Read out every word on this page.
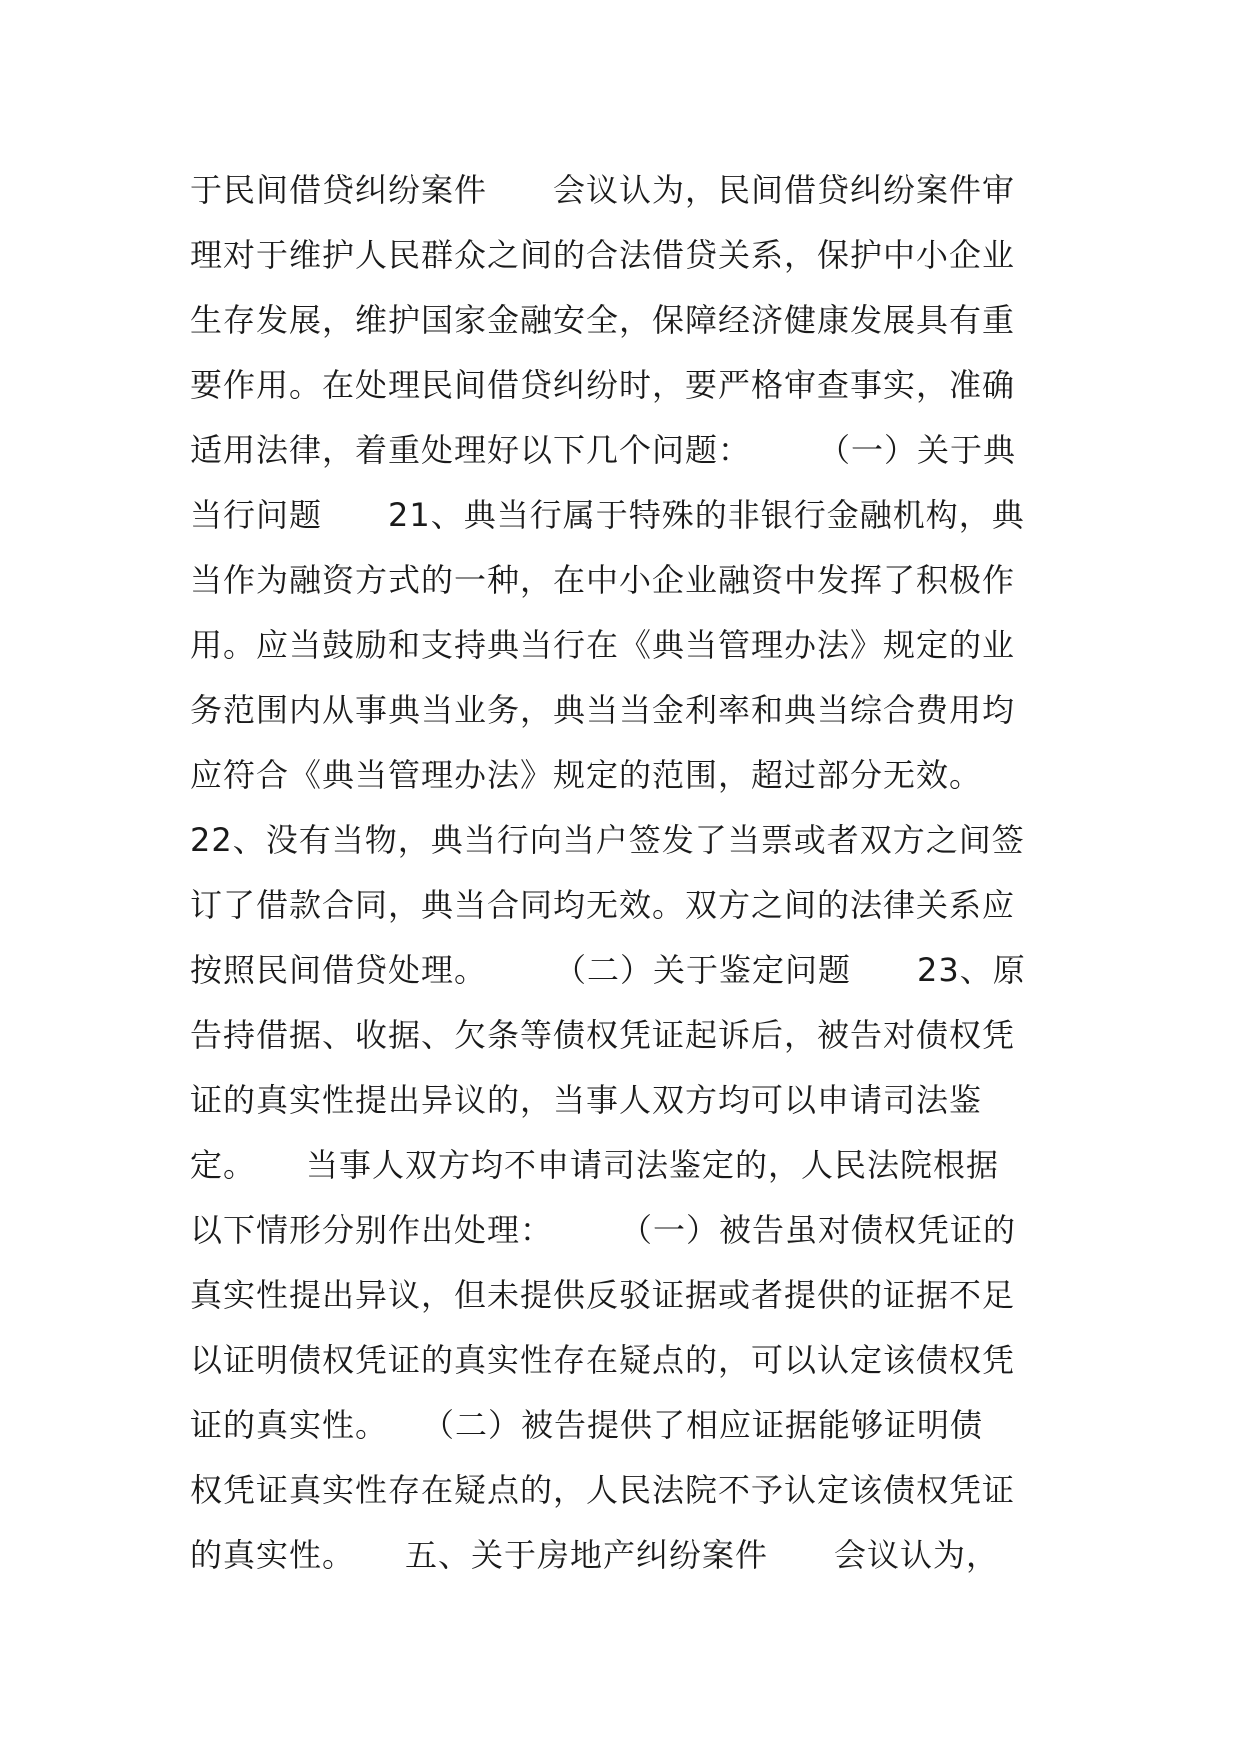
于民间借贷纠纷案件　　会议认为，民间借贷纠纷案件审
理对于维护人民群众之间的合法借贷关系，保护中小企业
生存发展，维护国家金融安全，保障经济健康发展具有重
要作用。在处理民间借贷纠纷时，要严格审查事实，准确
适用法律，着重处理好以下几个问题：　　　（一）关于典
当行问题　　21、典当行属于特殊的非银行金融机构，典
当作为融资方式的一种，在中小企业融资中发挥了积极作
用。应当鼓励和支持典当行在《典当管理办法》规定的业
务范围内从事典当业务，典当当金利率和典当综合费用均
应符合《典当管理办法》规定的范围，超过部分无效。
22、没有当物，典当行向当户签发了当票或者双方之间签
订了借款合同，典当合同均无效。双方之间的法律关系应
按照民间借贷处理。　　　（二）关于鉴定问题　　23、原
告持借据、收据、欠条等债权凭证起诉后，被告对债权凭
证的真实性提出异议的，当事人双方均可以申请司法鉴
定。　　当事人双方均不申请司法鉴定的，人民法院根据
以下情形分别作出处理：　　　（一）被告虽对债权凭证的
真实性提出异议，但未提供反驳证据或者提供的证据不足
以证明债权凭证的真实性存在疑点的，可以认定该债权凭
证的真实性。　　（二）被告提供了相应证据能够证明债
权凭证真实性存在疑点的，人民法院不予认定该债权凭证
的真实性。　　五、关于房地产纠纷案件　　会议认为，
